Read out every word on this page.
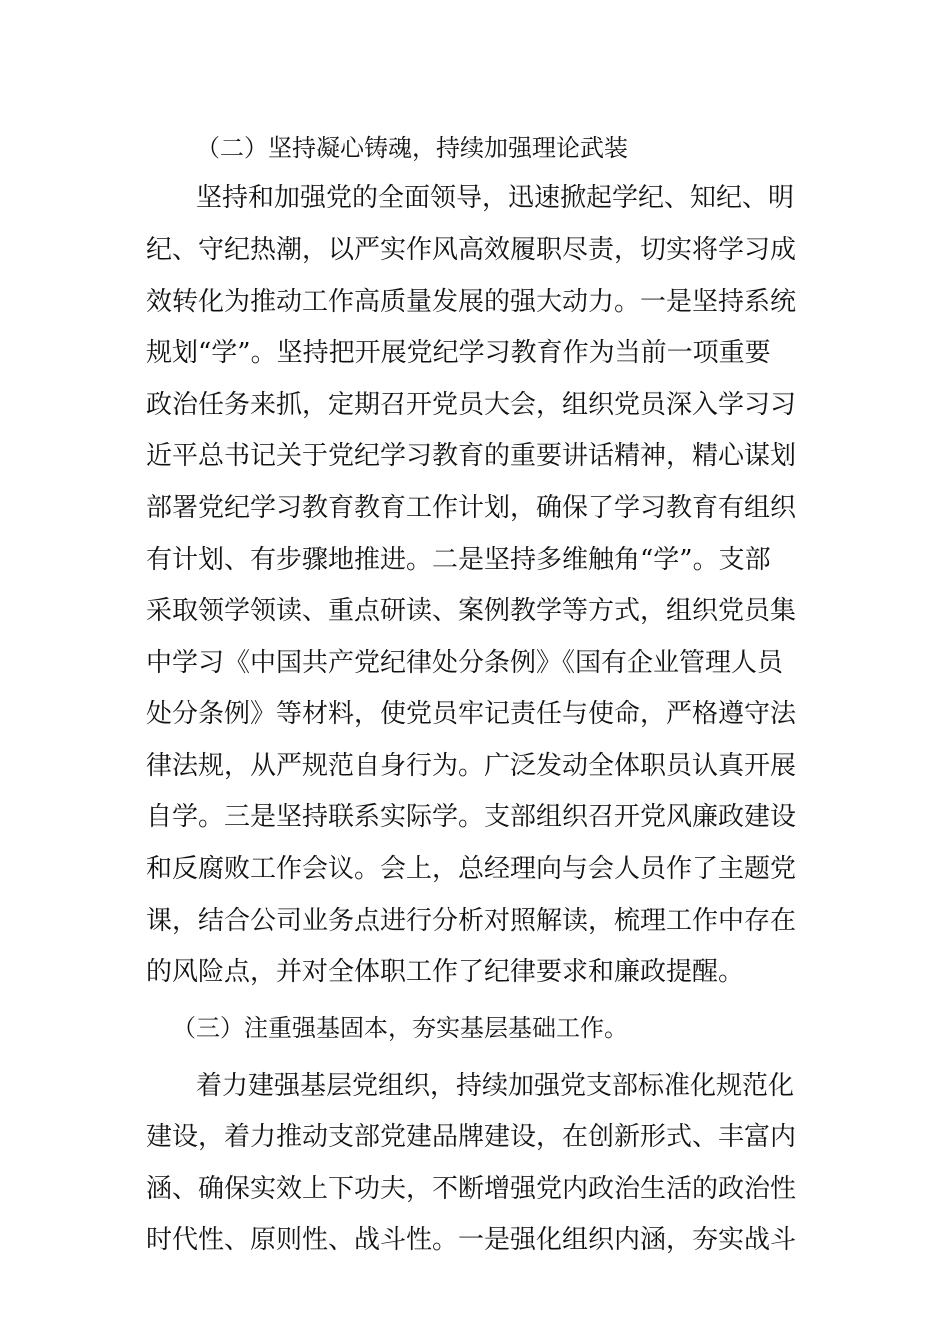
（二）坚持凝心铸魂，持续加强理论武装
坚持和加强党的全面领导，迅速掀起学纪、知纪、明
纪、守纪热潮，以严实作风高效履职尽责，切实将学习成
效转化为推动工作高质量发展的强大动力。一是坚持系统
规划“学”。坚持把开展党纪学习教育作为当前一项重要
政治任务来抓，定期召开党员大会，组织党员深入学习习
近平总书记关于党纪学习教育的重要讲话精神，精心谋划
部署党纪学习教育教育工作计划，确保了学习教育有组织
有计划、有步骤地推进。二是坚持多维触角“学”。支部
采取领学领读、重点研读、案例教学等方式，组织党员集
中学习《中国共产党纪律处分条例》《国有企业管理人员
处分条例》等材料，使党员牢记责任与使命，严格遵守法
律法规，从严规范自身行为。广泛发动全体职员认真开展
自学。三是坚持联系实际学。支部组织召开党风廉政建设
和反腐败工作会议。会上，总经理向与会人员作了主题党
课，结合公司业务点进行分析对照解读，梳理工作中存在
的风险点，并对全体职工作了纪律要求和廉政提醒。
（三）注重强基固本，夯实基层基础工作。
着力建强基层党组织，持续加强党支部标准化规范化
建设，着力推动支部党建品牌建设，在创新形式、丰富内
涵、确保实效上下功夫，不断增强党内政治生活的政治性
时代性、原则性、战斗性。一是强化组织内涵，夯实战斗
